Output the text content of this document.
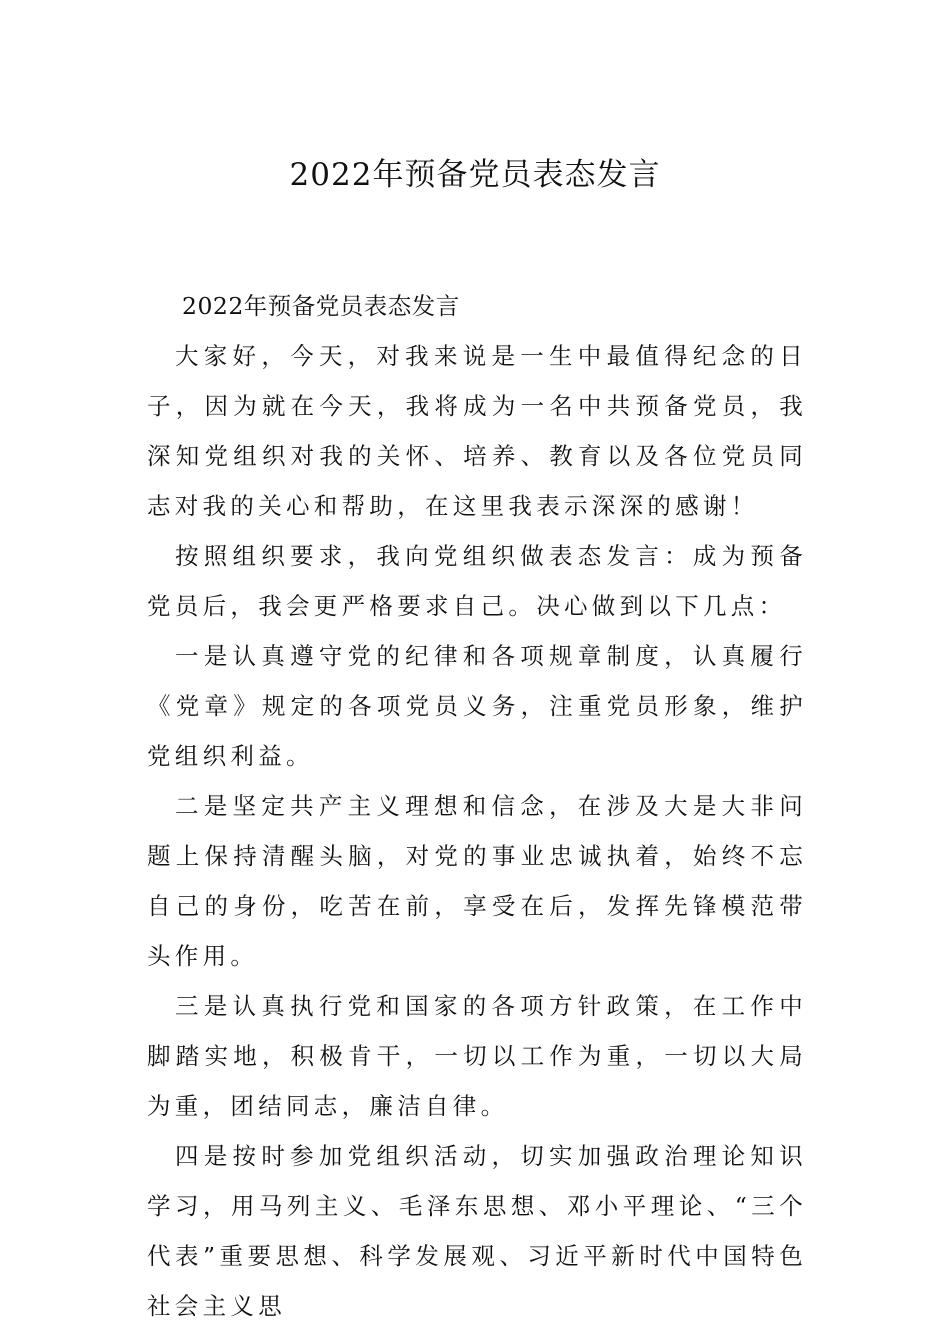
2022年预备党员表态发言

2022年预备党员表态发言

大家好，今天，对我来说是一生中最值得纪念的日子，因为就在今天，我将成为一名中共预备党员，我深知党组织对我的关怀、培养、教育以及各位党员同志对我的关心和帮助，在这里我表示深深的感谢！

按照组织要求，我向党组织做表态发言：成为预备党员后，我会更严格要求自己。决心做到以下几点：

一是认真遵守党的纪律和各项规章制度，认真履行《党章》规定的各项党员义务，注重党员形象，维护党组织利益。

二是坚定共产主义理想和信念，在涉及大是大非问题上保持清醒头脑，对党的事业忠诚执着，始终不忘自己的身份，吃苦在前，享受在后，发挥先锋模范带头作用。

三是认真执行党和国家的各项方针政策，在工作中脚踏实地，积极肯干，一切以工作为重，一切以大局为重，团结同志，廉洁自律。

四是按时参加党组织活动，切实加强政治理论知识学习，用马列主义、毛泽东思想、邓小平理论、“三个代表”重要思想、科学发展观、习近平新时代中国特色社会主义思
